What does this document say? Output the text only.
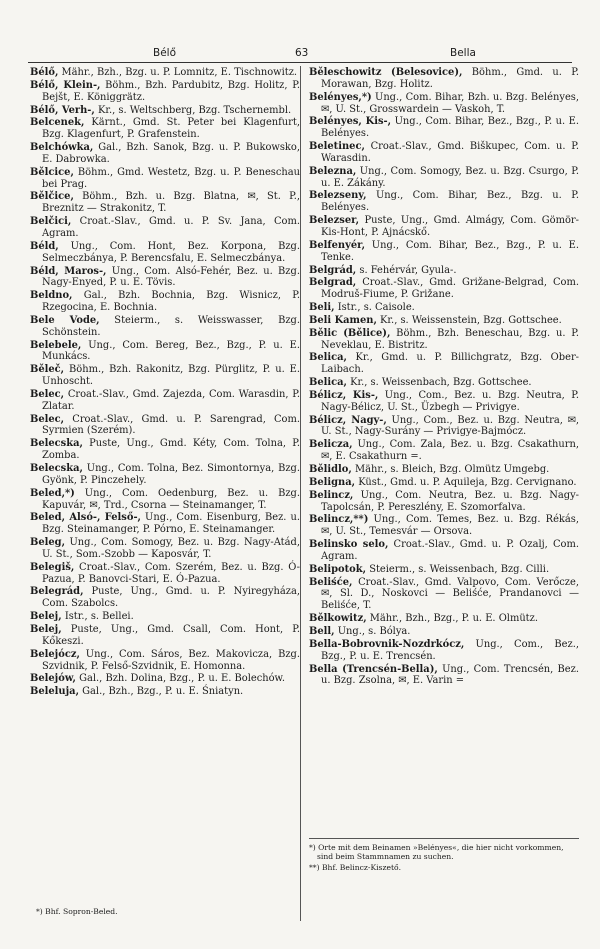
Bélő	63	Bella

Bélő, Mähr., Bzh., Bzg. u. P. Lomnitz, E. Tischnowitz.

Bélő, Klein-, Böhm., Bzh. Pardubitz, Bzg. Holitz, P. Bejšt, E. Königgrätz.

Bélő, Verh-, Kr., s. Weltschberg, Bzg. Tschernembl.

Belcenek, Kärnt., Gmd. St. Peter bei Klagenfurt, Bzg. Klagenfurt, P. Grafenstein.

Belchówka, Gal., Bzh. Sanok, Bzg. u. P. Bukowsko, E. Dabrowka.

Bělcice, Böhm., Gmd. Westetz, Bzg. u. P. Beneschau bei Prag.

Bělčice, Böhm., Bzh. u. Bzg. Blatna, ✉, St. P., Breznitz — Strakonitz, T.

Belčici, Croat.-Slav., Gmd. u. P. Sv. Jana, Com. Agram.

Béld, Ung., Com. Hont, Bez. Korpona, Bzg. Selmeczbánya, P. Berencsfalu, E. Selmeczbánya.

Béld, Maros-, Ung., Com. Alsó-Fehér, Bez. u. Bzg. Nagy-Enyed, P. u. E. Tövis.

Beldno, Gal., Bzh. Bochnia, Bzg. Wisnicz, P. Rzegocina, E. Bochnia.

Bele Vode, Steierm., s. Weisswasser, Bzg. Schönstein.

Belebele, Ung., Com. Bereg, Bez., Bzg., P. u. E. Munkács.

Běleč, Böhm., Bzh. Rakonitz, Bzg. Pürglitz, P. u. E. Unhoscht.

Belec, Croat.-Slav., Gmd. Zajezda, Com. Warasdin, P. Zlatar.

Belec, Croat.-Slav., Gmd. u. P. Sarengrad, Com. Syrmien (Szerém).

Belecska, Puste, Ung., Gmd. Kéty, Com. Tolna, P. Zomba.

Belecska, Ung., Com. Tolna, Bez. Simontornya, Bzg. Gyönk, P. Pinczehely.

Beled,*) Ung., Com. Oedenburg, Bez. u. Bzg. Kapuvár, ✉, Trd., Csorna — Steinamanger, T.

Beled, Alsó-, Felső-, Ung., Com. Eisenburg, Bez. u. Bzg. Steinamanger, P. Pórno, E. Steinamanger.

Beleg, Ung., Com. Somogy, Bez. u. Bzg. Nagy-Atád, U. St., Som.-Szobb — Kaposvár, T.

Belegiš, Croat.-Slav., Com. Szerém, Bez. u. Bzg. Ó-Pazua, P. Banovci-Stari, E. Ó-Pazua.

Belegrád, Puste, Ung., Gmd. u. P. Nyiregyháza, Com. Szabolcs.

Belej, Istr., s. Bellei.

Belej, Puste, Ung., Gmd. Csall, Com. Hont, P. Kőkeszi.

Belejócz, Ung., Com. Sáros, Bez. Makovicza, Bzg. Szvidnik, P. Felső-Szvidnik, E. Homonna.

Belejów, Gal., Bzh. Dolina, Bzg., P. u. E. Bolechów.

Beleluja, Gal., Bzh., Bzg., P. u. E. Śniatyn.

Běleschowitz (Belesovice), Böhm., Gmd. u. P. Morawan, Bzg. Holitz.

Belényes,*) Ung., Com. Bihar, Bzh. u. Bzg. Belényes, ✉, U. St., Grosswardein — Vaskoh, T.

Belényes, Kis-, Ung., Com. Bihar, Bez., Bzg., P. u. E. Belényes.

Beletinec, Croat.-Slav., Gmd. Biškupec, Com. u. P. Warasdin.

Belezna, Ung., Com. Somogy, Bez. u. Bzg. Csurgo, P. u. E. Zákány.

Belezseny, Ung., Com. Bihar, Bez., Bzg. u. P. Belényes.

Belezser, Puste, Ung., Gmd. Almágy, Com. Gömör-Kis-Hont, P. Ajnácskő.

Belfenyér, Ung., Com. Bihar, Bez., Bzg., P. u. E. Tenke.

Belgrád, s. Fehérvár, Gyula-.

Belgrad, Croat.-Slav., Gmd. Grižane-Belgrad, Com. Modruš-Fiume, P. Grižane.

Beli, Istr., s. Caisole.

Beli Kamen, Kr., s. Weissenstein, Bzg. Gottschee.

Bělic (Bělice), Böhm., Bzh. Beneschau, Bzg. u. P. Neveklau, E. Bistritz.

Belica, Kr., Gmd. u. P. Billichgratz, Bzg. Ober-Laibach.

Belica, Kr., s. Weissenbach, Bzg. Gottschee.

Bélicz, Kis-, Ung., Com., Bez. u. Bzg. Neutra, P. Nagy-Bélicz, U. St., Üzbegh — Privigye.

Bélicz, Nagy-, Ung., Com., Bez. u. Bzg. Neutra, ✉, U. St., Nagy-Surány — Privigye-Bajmócz.

Belicza, Ung., Com. Zala, Bez. u. Bzg. Csakathurn, ✉, E. Csakathurn =.

Bělidlo, Mähr., s. Bleich, Bzg. Olmütz Umgebg.

Beligna, Küst., Gmd. u. P. Aquileja, Bzg. Cervignano.

Belincz, Ung., Com. Neutra, Bez. u. Bzg. Nagy-Tapolcsán, P. Pereszlény, E. Szomorfalva.

Belincz,**) Ung., Com. Temes, Bez. u. Bzg. Rékás, ✉, U. St., Temesvár — Orsova.

Belinsko selo, Croat.-Slav., Gmd. u. P. Ozalj, Com. Agram.

Belipotok, Steierm., s. Weissenbach, Bzg. Cilli.

Beliśće, Croat.-Slav., Gmd. Valpovo, Com. Verőcze, ✉, Sl. D., Noskovci — Beliśće, Prandanovci — Beliśće, T.

Bělkowitz, Mähr., Bzh., Bzg., P. u. E. Olmütz.

Bell, Ung., s. Bólya.

Bella-Bobrovnik-Nozdrkócz, Ung., Com., Bez., Bzg., P. u. E. Trencsén.

Bella (Trencsén-Bella), Ung., Com. Trencsén, Bez. u. Bzg. Zsolna, ✉, E. Varin =

*) Bhf. Sopron-Beled.

*) Orte mit dem Beinamen »Belényes«, die hier nicht vorkommen, sind beim Stammnamen zu suchen.

**) Bhf. Belincz-Kiszető.
